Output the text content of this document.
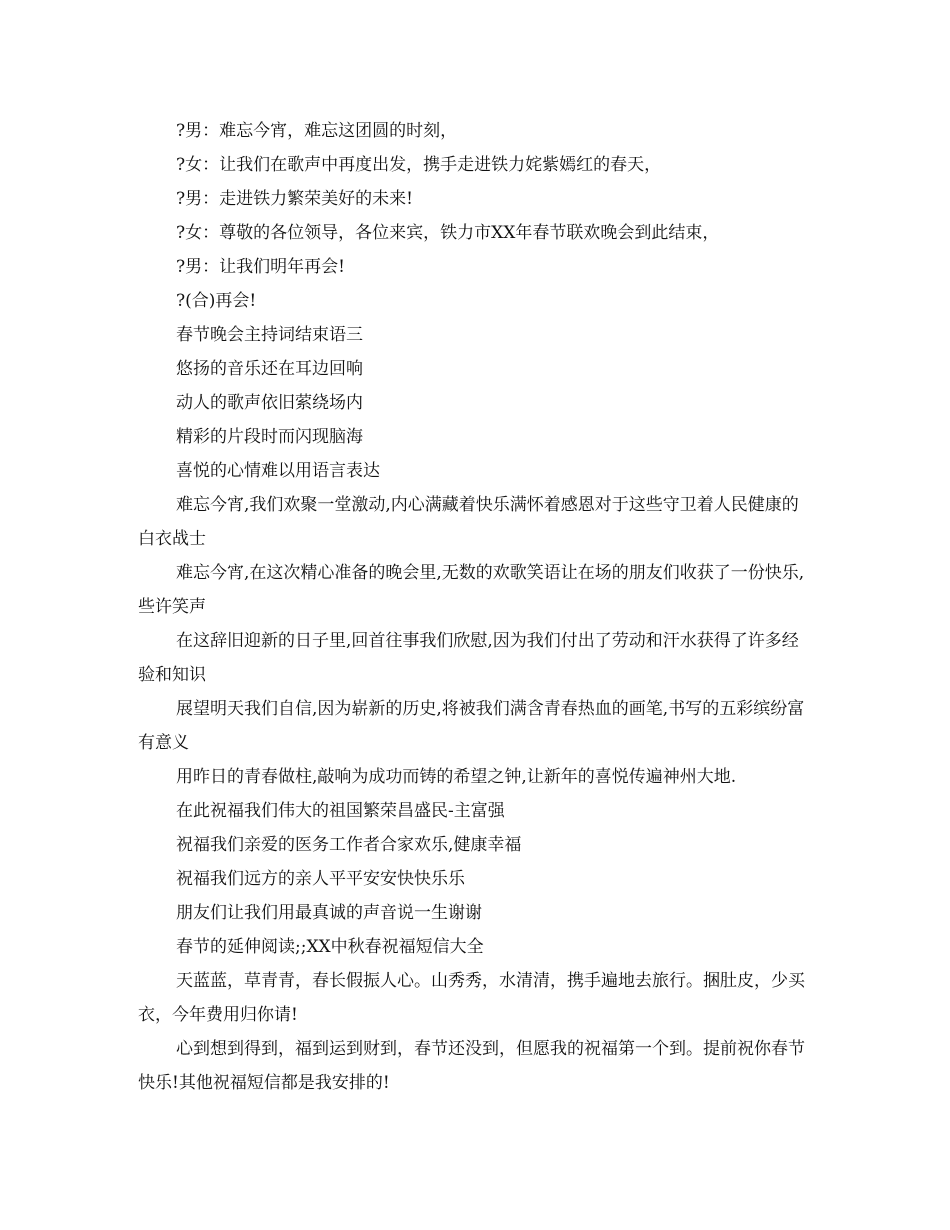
?男：难忘今宵，难忘这团圆的时刻，

?女：让我们在歌声中再度出发，携手走进铁力姹紫嫣红的春天，

?男：走进铁力繁荣美好的未来!

?女：尊敬的各位领导，各位来宾，铁力市XX年春节联欢晚会到此结束，

?男：让我们明年再会!

?(合)再会!

春节晚会主持词结束语三

悠扬的音乐还在耳边回响

动人的歌声依旧萦绕场内

精彩的片段时而闪现脑海

喜悦的心情难以用语言表达

难忘今宵,我们欢聚一堂激动,内心满藏着快乐满怀着感恩对于这些守卫着人民健康的白衣战士

难忘今宵,在这次精心准备的晚会里,无数的欢歌笑语让在场的朋友们收获了一份快乐,些许笑声

在这辞旧迎新的日子里,回首往事我们欣慰,因为我们付出了劳动和汗水获得了许多经验和知识

展望明天我们自信,因为崭新的历史,将被我们满含青春热血的画笔,书写的五彩缤纷富有意义

用昨日的青春做柱,敲响为成功而铸的希望之钟,让新年的喜悦传遍神州大地.

在此祝福我们伟大的祖国繁荣昌盛民-主富强

祝福我们亲爱的医务工作者合家欢乐,健康幸福

祝福我们远方的亲人平平安安快快乐乐

朋友们让我们用最真诚的声音说一生谢谢

春节的延伸阅读;;XX中秋春祝福短信大全

天蓝蓝，草青青，春长假振人心。山秀秀，水清清，携手遍地去旅行。捆肚皮，少买衣，今年费用归你请!

心到想到得到，福到运到财到，春节还没到，但愿我的祝福第一个到。提前祝你春节快乐!其他祝福短信都是我安排的!
